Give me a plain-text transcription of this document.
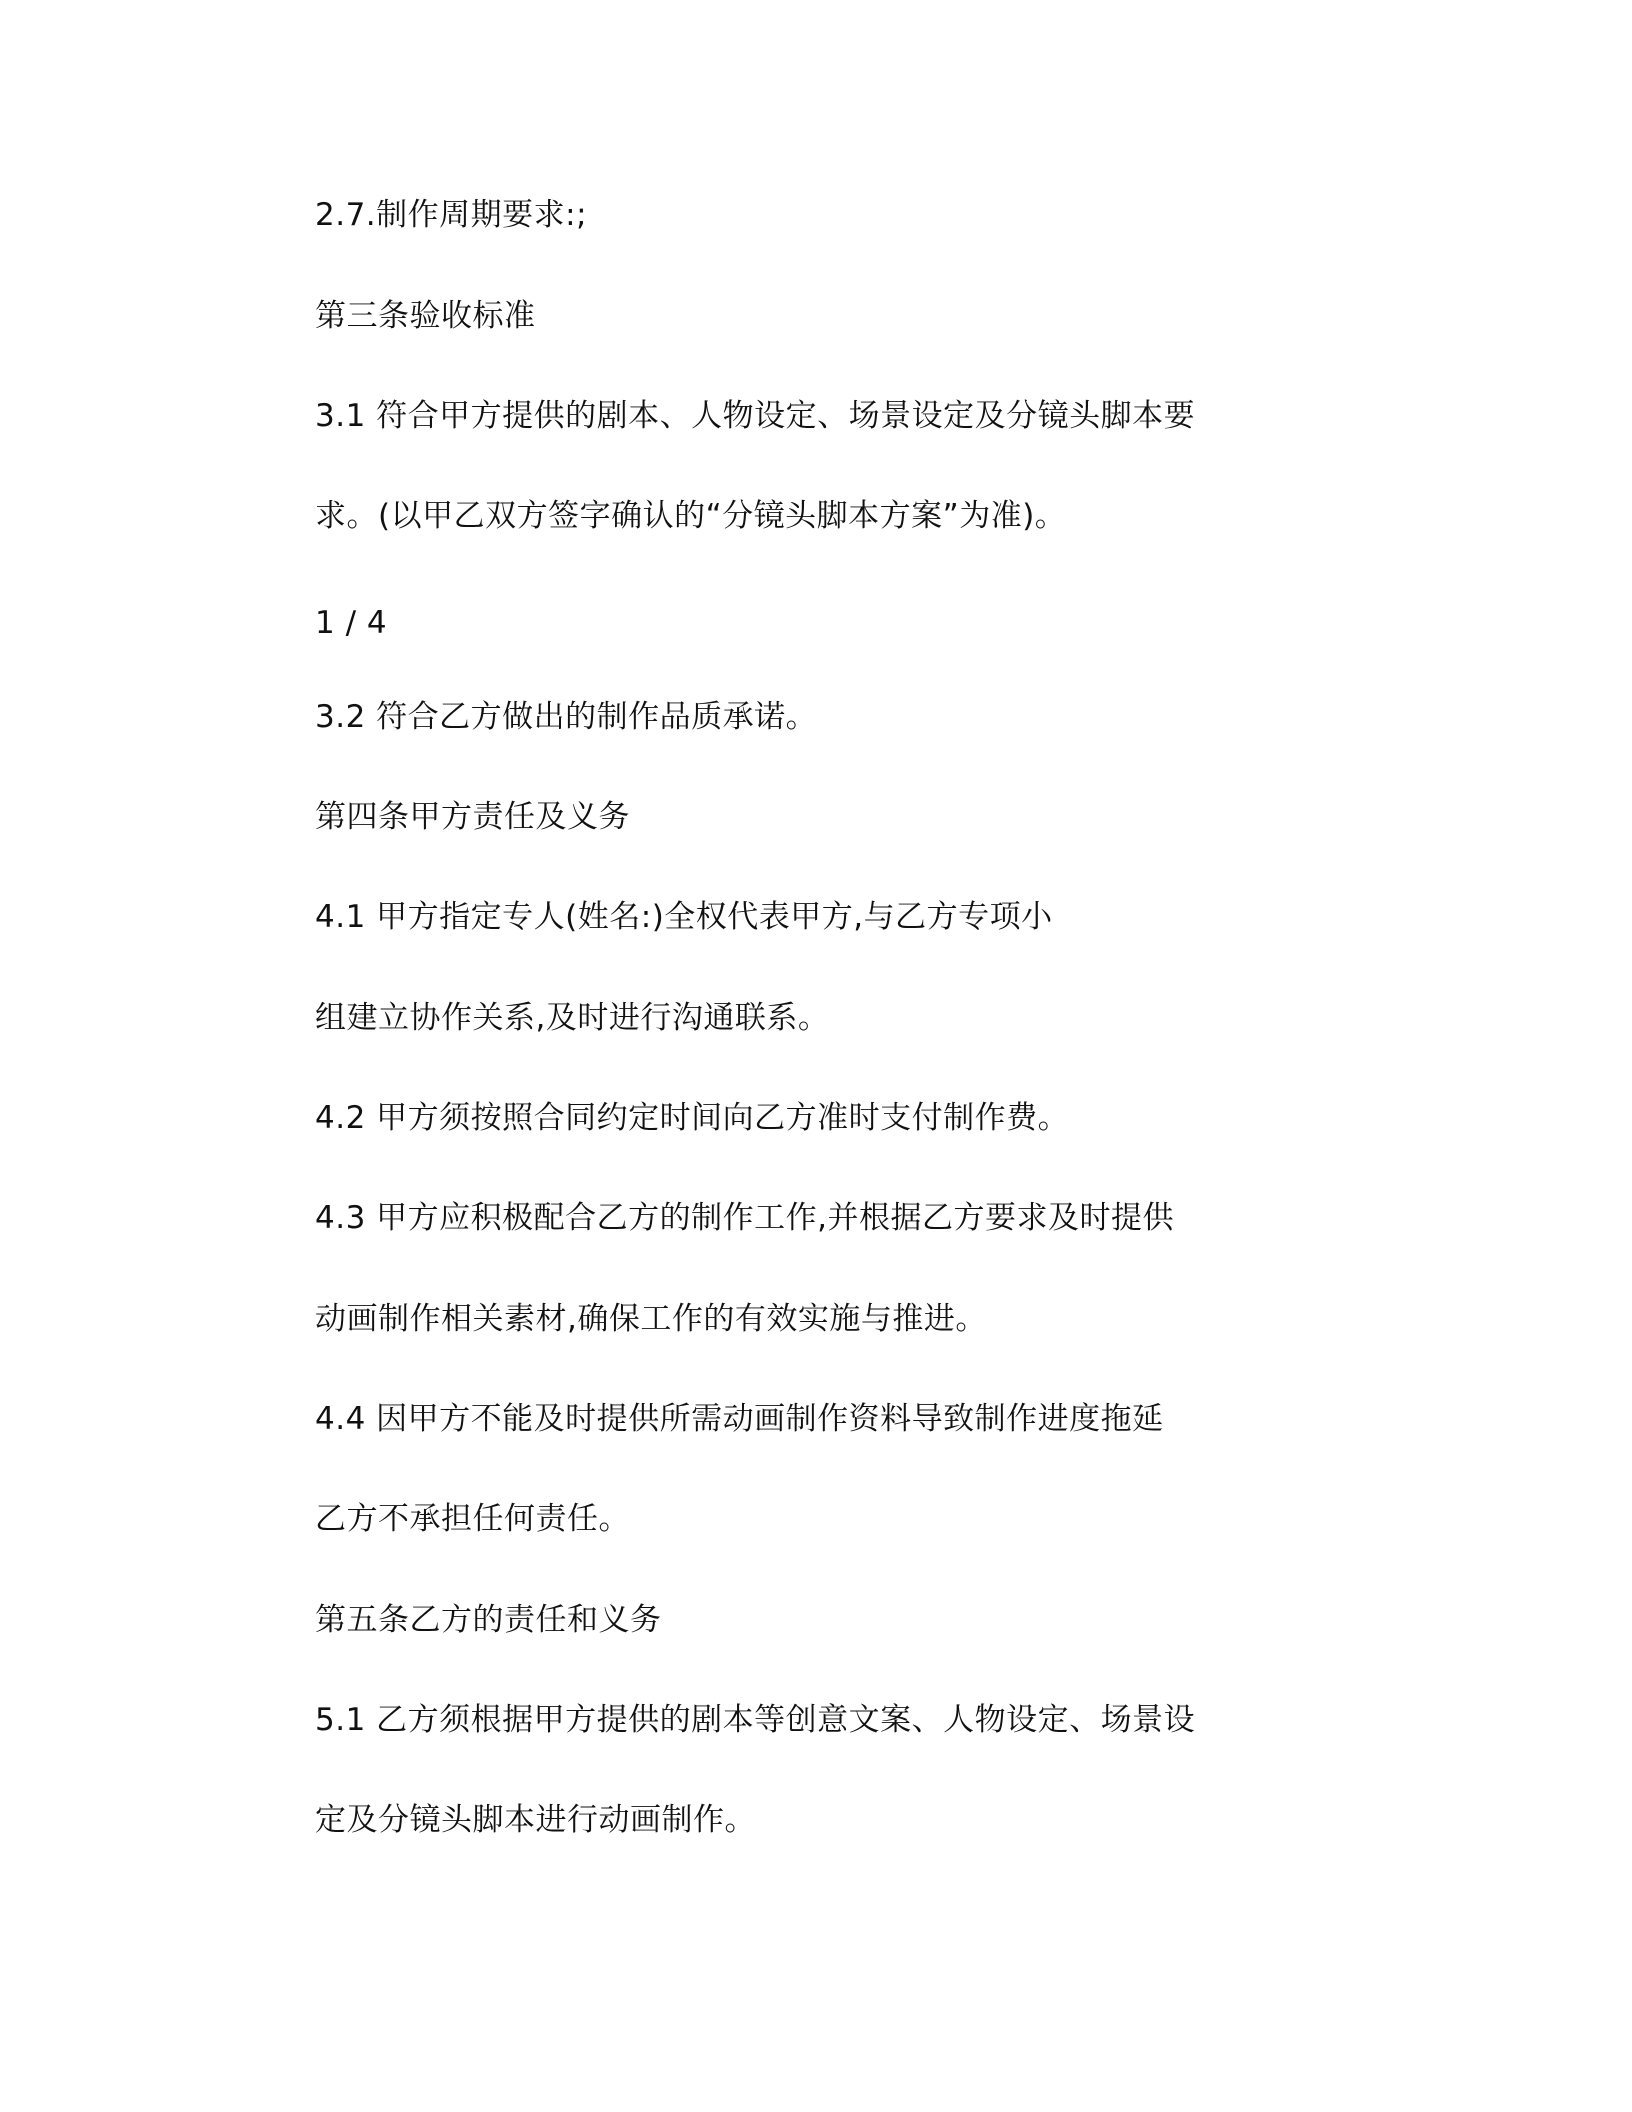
2.7.制作周期要求:;
第三条验收标准
3.1 符合甲方提供的剧本、人物设定、场景设定及分镜头脚本要
求。(以甲乙双方签字确认的“分镜头脚本方案”为准)。
1 / 4
3.2 符合乙方做出的制作品质承诺。
第四条甲方责任及义务
4.1 甲方指定专人(姓名:)全权代表甲方,与乙方专项小
组建立协作关系,及时进行沟通联系。
4.2 甲方须按照合同约定时间向乙方准时支付制作费。
4.3 甲方应积极配合乙方的制作工作,并根据乙方要求及时提供
动画制作相关素材,确保工作的有效实施与推进。
4.4 因甲方不能及时提供所需动画制作资料导致制作进度拖延
乙方不承担任何责任。
第五条乙方的责任和义务
5.1 乙方须根据甲方提供的剧本等创意文案、人物设定、场景设
定及分镜头脚本进行动画制作。
